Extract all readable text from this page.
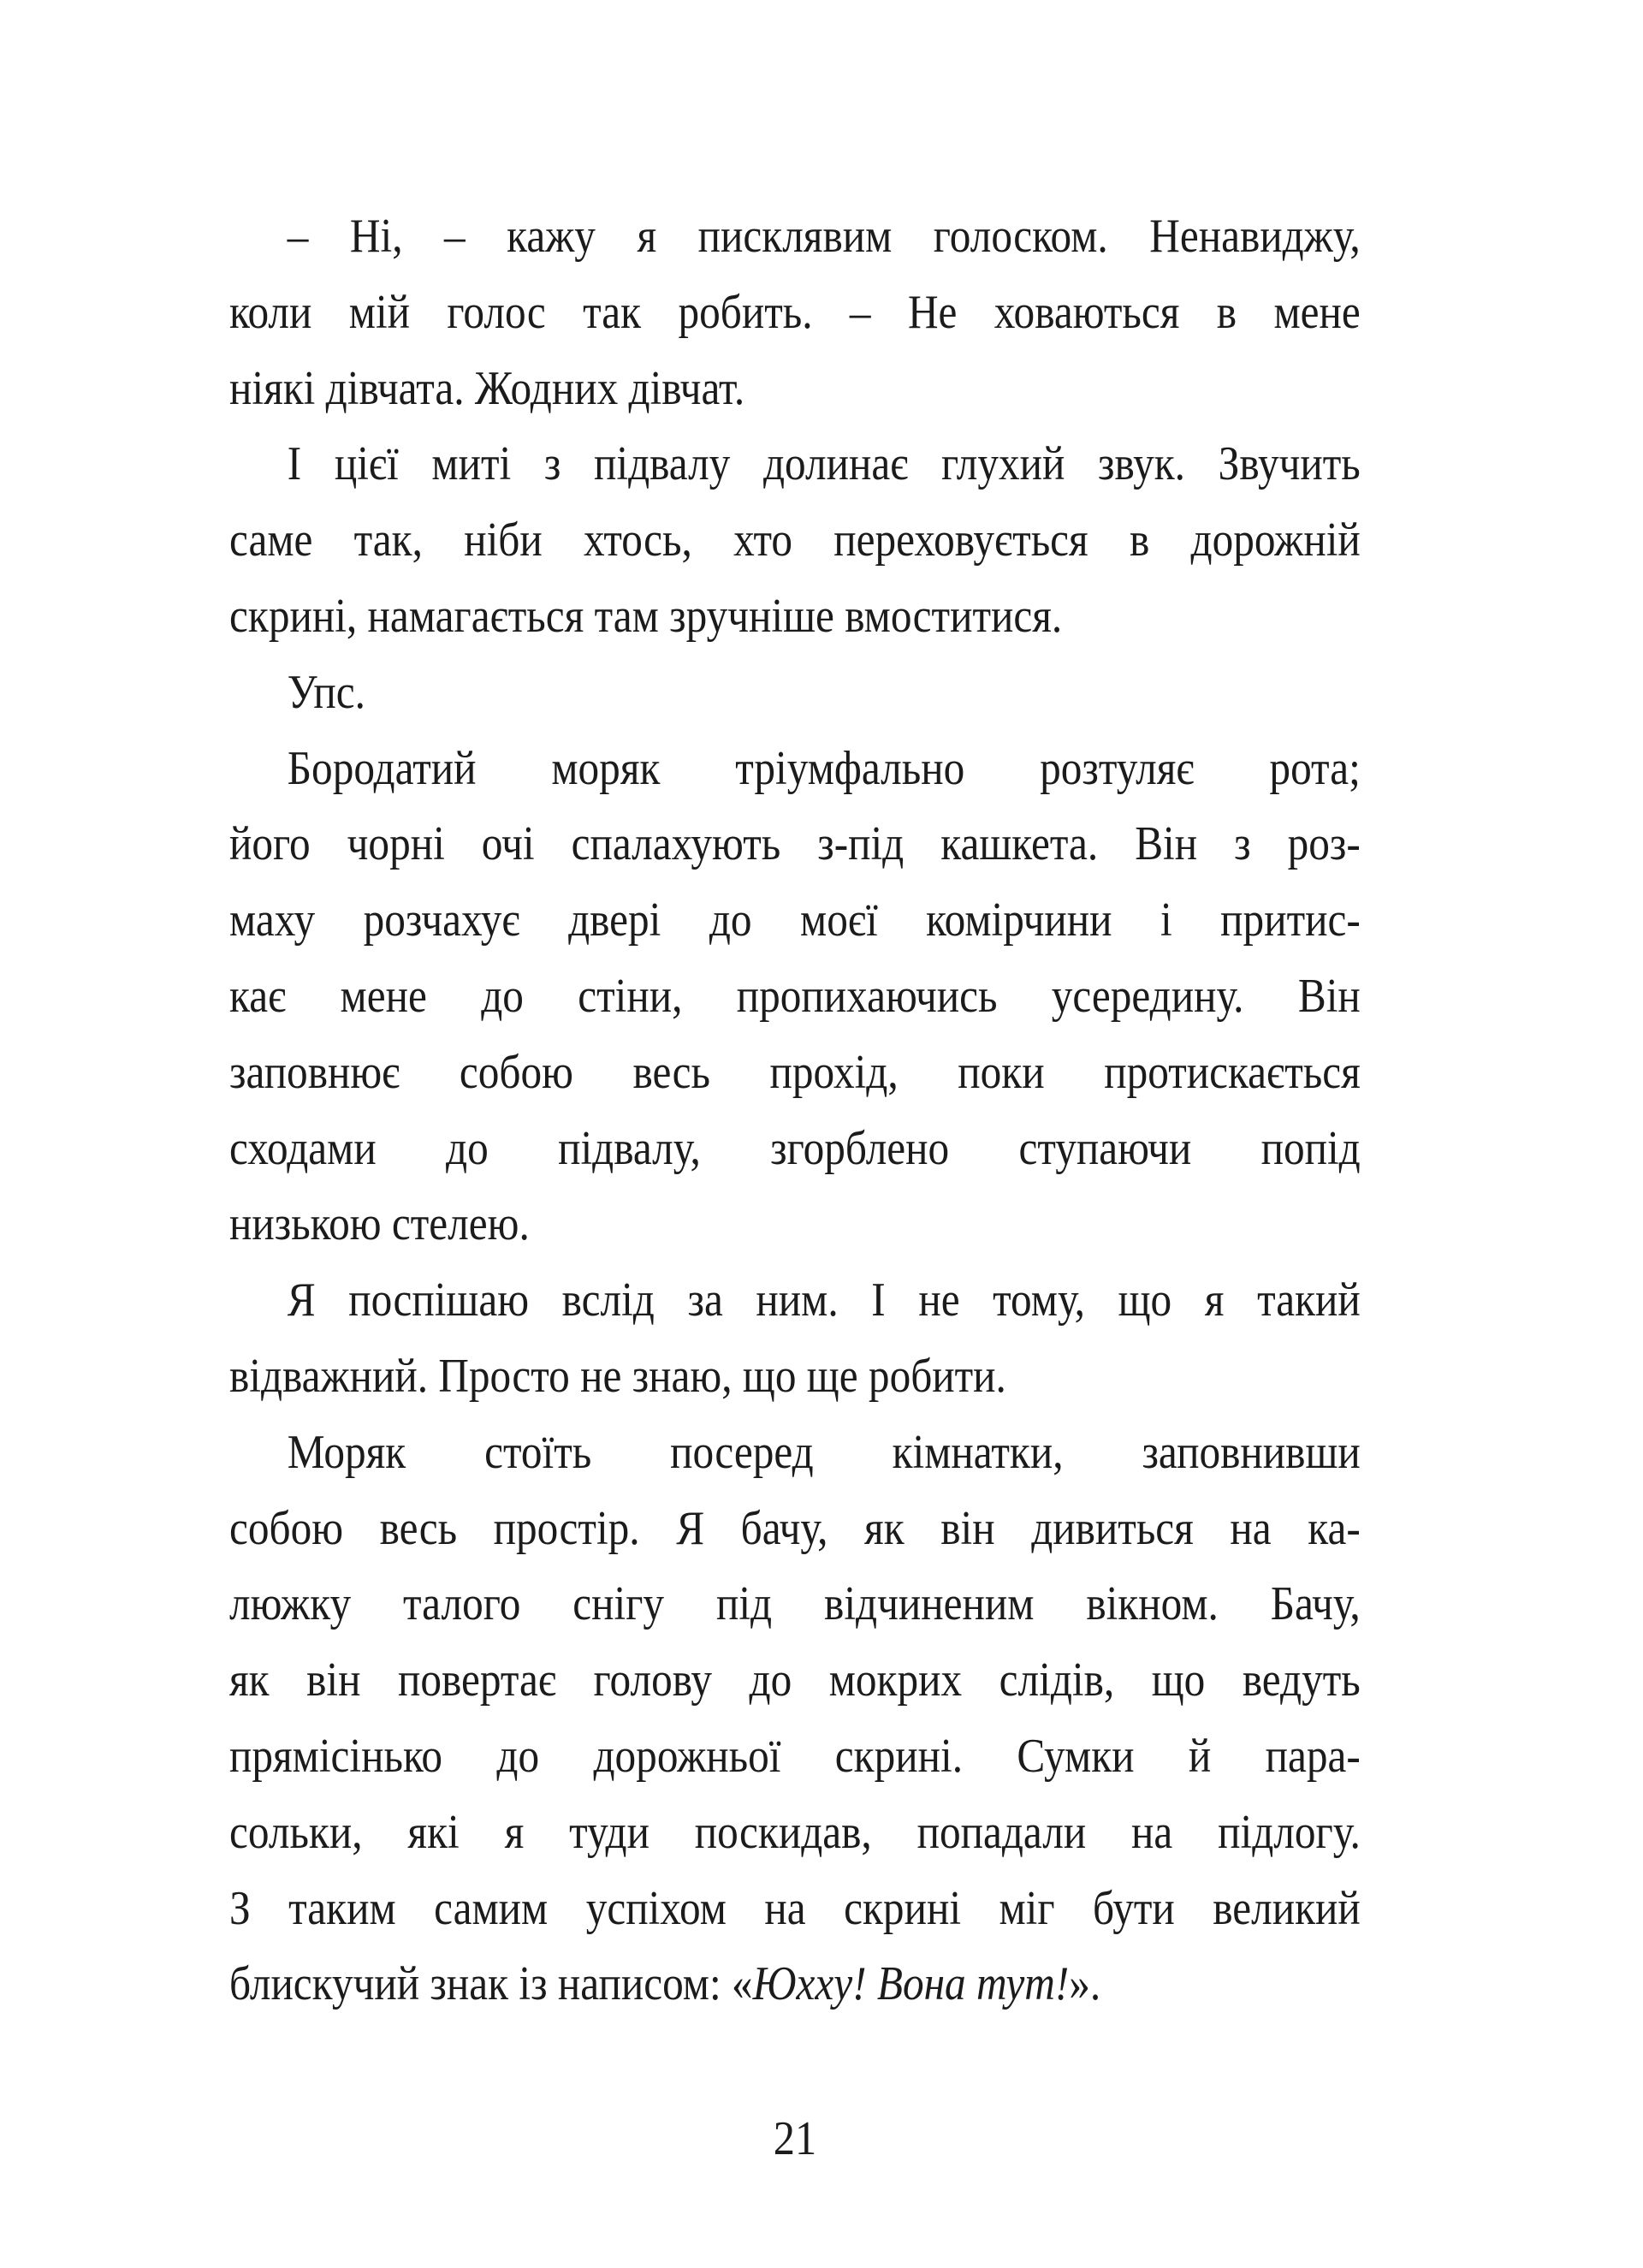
– Ні, – кажу я писклявим голоском. Ненавиджу,
коли мій голос так робить. – Не ховаються в мене
ніякі дівчата. Жодних дівчат.
І цієї миті з підвалу долинає глухий звук. Звучить
саме так, ніби хтось, хто переховується в дорожній
скрині, намагається там зручніше вмоститися.
Упс.
Бородатий моряк тріумфально розтуляє рота;
його чорні очі спалахують з-під кашкета. Він з роз-
маху розчахує двері до моєї комірчини і притис-
кає мене до стіни, пропихаючись усередину. Він
заповнює собою весь прохід, поки протискається
сходами до підвалу, згорблено ступаючи попід
низькою стелею.
Я поспішаю вслід за ним. І не тому, що я такий
відважний. Просто не знаю, що ще робити.
Моряк стоїть посеред кімнатки, заповнивши
собою весь простір. Я бачу, як він дивиться на ка-
люжку талого снігу під відчиненим вікном. Бачу,
як він повертає голову до мокрих слідів, що ведуть
прямісінько до дорожньої скрині. Сумки й пара-
сольки, які я туди поскидав, попадали на підлогу.
З таким самим успіхом на скрині міг бути великий
блискучий знак із написом: «Юхху! Вона тут!».
21
